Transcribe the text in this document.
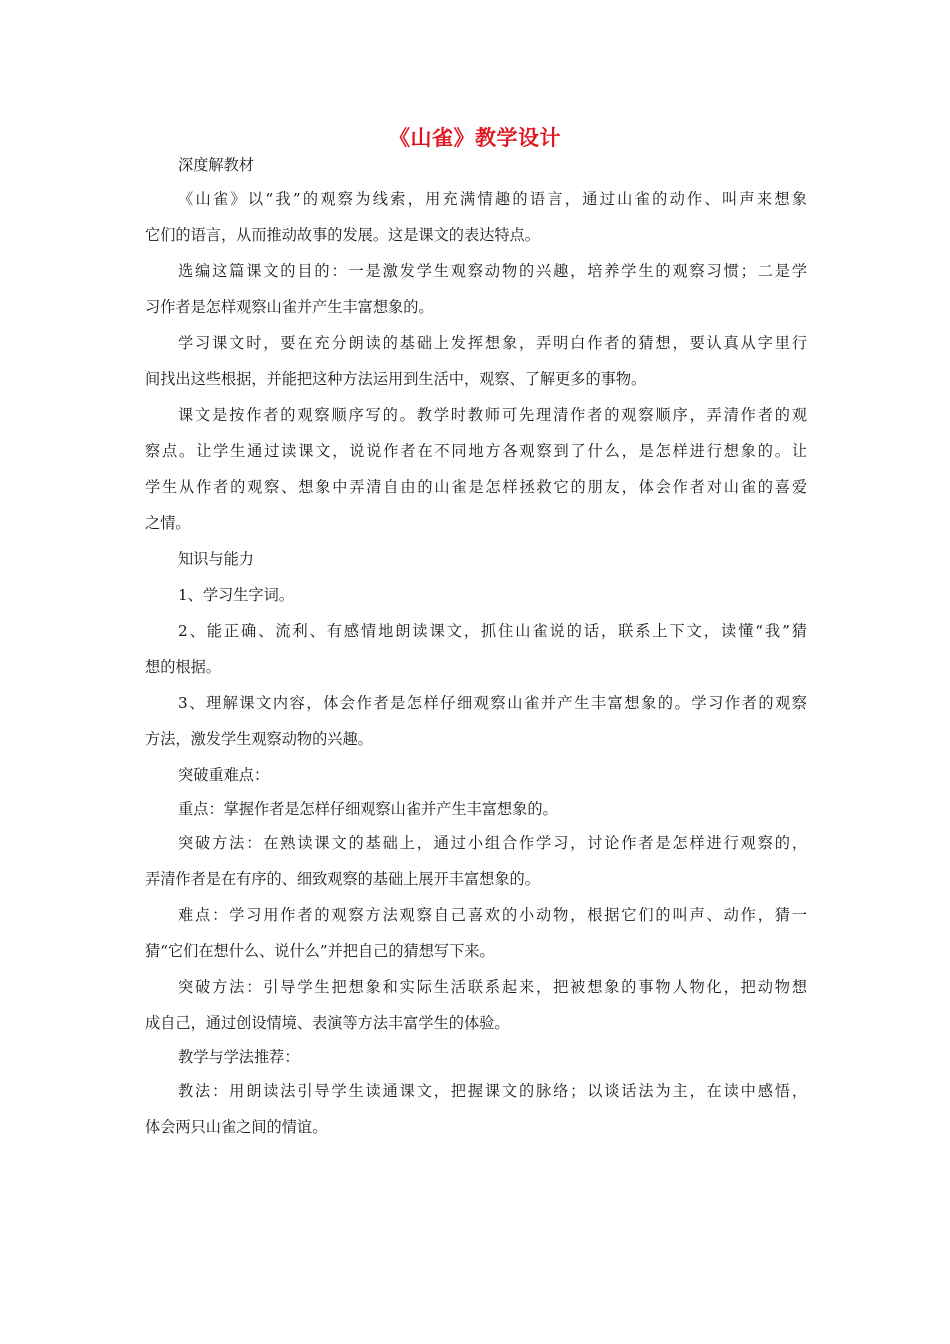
《山雀》教学设计
深度解教材
《山雀》以“我”的观察为线索，用充满情趣的语言，通过山雀的动作、叫声来想象
它们的语言，从而推动故事的发展。这是课文的表达特点。
选编这篇课文的目的：一是激发学生观察动物的兴趣，培养学生的观察习惯；二是学
习作者是怎样观察山雀并产生丰富想象的。
学习课文时，要在充分朗读的基础上发挥想象，弄明白作者的猜想，要认真从字里行
间找出这些根据，并能把这种方法运用到生活中，观察、了解更多的事物。
课文是按作者的观察顺序写的。教学时教师可先理清作者的观察顺序，弄清作者的观
察点。让学生通过读课文，说说作者在不同地方各观察到了什么，是怎样进行想象的。让
学生从作者的观察、想象中弄清自由的山雀是怎样拯救它的朋友，体会作者对山雀的喜爱
之情。
知识与能力
1、学习生字词。
2、能正确、流利、有感情地朗读课文，抓住山雀说的话，联系上下文，读懂“我”猜
想的根据。
3、理解课文内容，体会作者是怎样仔细观察山雀并产生丰富想象的。学习作者的观察
方法，激发学生观察动物的兴趣。
突破重难点：
重点：掌握作者是怎样仔细观察山雀并产生丰富想象的。
突破方法：在熟读课文的基础上，通过小组合作学习，讨论作者是怎样进行观察的，
弄清作者是在有序的、细致观察的基础上展开丰富想象的。
难点：学习用作者的观察方法观察自己喜欢的小动物，根据它们的叫声、动作，猜一
猜“它们在想什么、说什么”并把自己的猜想写下来。
突破方法：引导学生把想象和实际生活联系起来，把被想象的事物人物化，把动物想
成自己，通过创设情境、表演等方法丰富学生的体验。
教学与学法推荐：
教法：用朗读法引导学生读通课文，把握课文的脉络；以谈话法为主，在读中感悟，
体会两只山雀之间的情谊。
